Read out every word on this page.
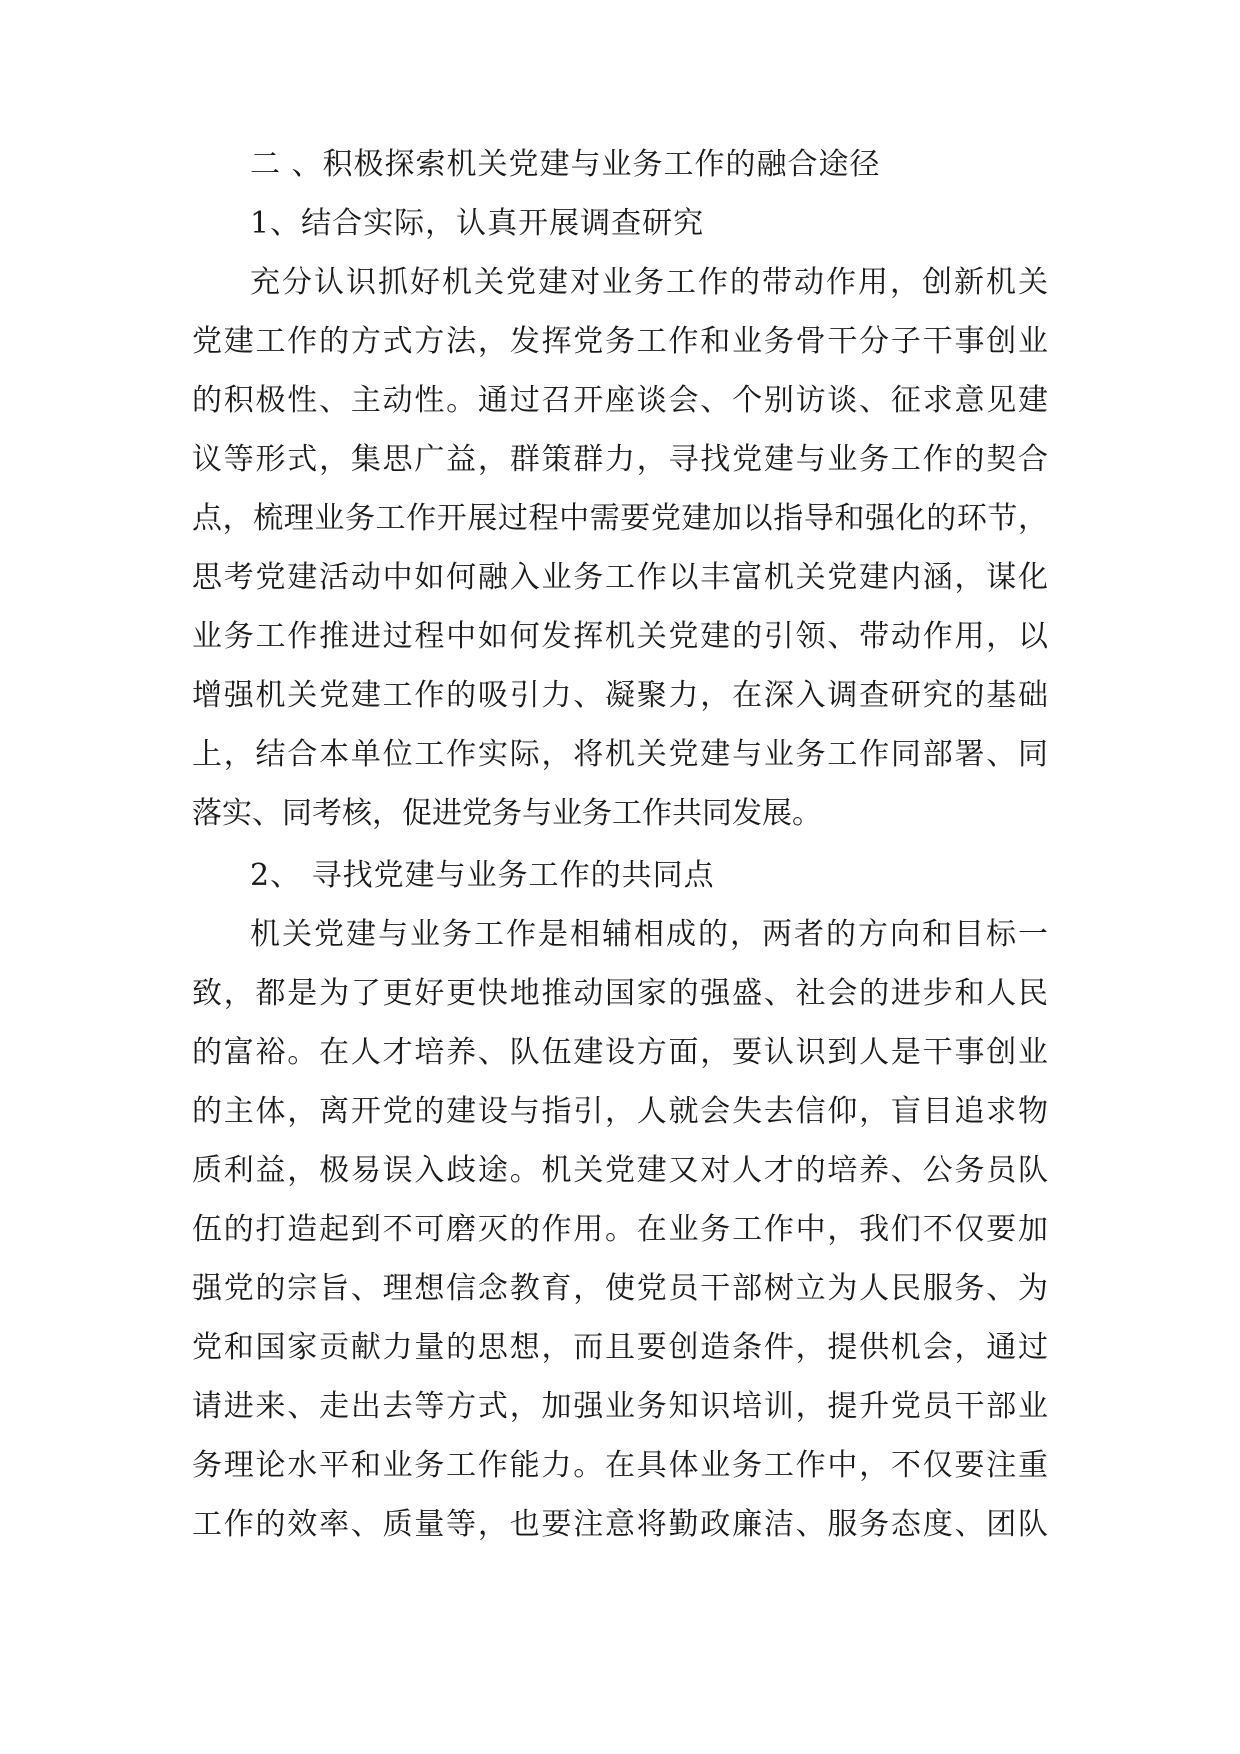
二 、积极探索机关党建与业务工作的融合途径
1、结合实际，认真开展调查研究
充分认识抓好机关党建对业务工作的带动作用，创新机关
党建工作的方式方法，发挥党务工作和业务骨干分子干事创业
的积极性、主动性。通过召开座谈会、个别访谈、征求意见建
议等形式，集思广益，群策群力，寻找党建与业务工作的契合
点，梳理业务工作开展过程中需要党建加以指导和强化的环节，
思考党建活动中如何融入业务工作以丰富机关党建内涵，谋化
业务工作推进过程中如何发挥机关党建的引领、带动作用，以
增强机关党建工作的吸引力、凝聚力，在深入调查研究的基础
上，结合本单位工作实际，将机关党建与业务工作同部署、同
落实、同考核，促进党务与业务工作共同发展。
2、 寻找党建与业务工作的共同点
机关党建与业务工作是相辅相成的，两者的方向和目标一
致，都是为了更好更快地推动国家的强盛、社会的进步和人民
的富裕。在人才培养、队伍建设方面，要认识到人是干事创业
的主体，离开党的建设与指引，人就会失去信仰，盲目追求物
质利益，极易误入歧途。机关党建又对人才的培养、公务员队
伍的打造起到不可磨灭的作用。在业务工作中，我们不仅要加
强党的宗旨、理想信念教育，使党员干部树立为人民服务、为
党和国家贡献力量的思想，而且要创造条件，提供机会，通过
请进来、走出去等方式，加强业务知识培训，提升党员干部业
务理论水平和业务工作能力。在具体业务工作中，不仅要注重
工作的效率、质量等，也要注意将勤政廉洁、服务态度、团队
